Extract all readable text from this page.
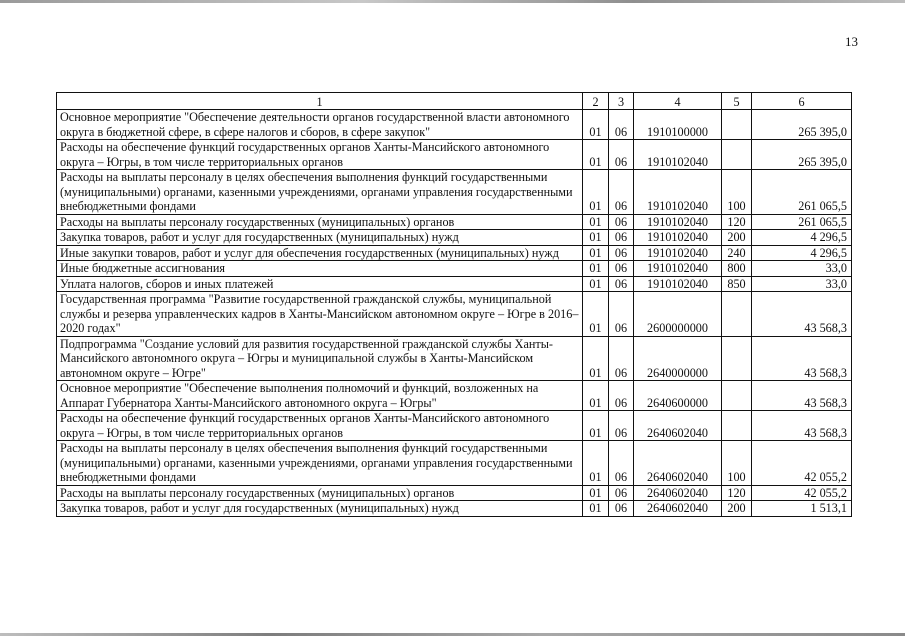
13
1	2	3	4	5	6
Основное мероприятие "Обеспечение деятельности органов государственной власти автономного округа в бюджетной сфере, в сфере налогов и сборов, в сфере закупок"	01	06	1910100000		265 395,0
Расходы на обеспечение функций государственных органов Ханты-Мансийского автономного округа – Югры, в том числе территориальных органов	01	06	1910102040		265 395,0
Расходы на выплаты персоналу в целях обеспечения выполнения функций государственными (муниципальными) органами, казенными учреждениями, органами управления государственными внебюджетными фондами	01	06	1910102040	100	261 065,5
Расходы на выплаты персоналу государственных (муниципальных) органов	01	06	1910102040	120	261 065,5
Закупка товаров, работ и услуг для государственных (муниципальных) нужд	01	06	1910102040	200	4 296,5
Иные закупки товаров, работ и услуг для обеспечения государственных (муниципальных) нужд	01	06	1910102040	240	4 296,5
Иные бюджетные ассигнования	01	06	1910102040	800	33,0
Уплата налогов, сборов и иных платежей	01	06	1910102040	850	33,0
Государственная программа "Развитие государственной гражданской службы, муниципальной службы и резерва управленческих кадров в Ханты-Мансийском автономном округе – Югре в 2016–2020 годах"	01	06	2600000000		43 568,3
Подпрограмма "Создание условий для развития государственной гражданской службы Ханты-Мансийского автономного округа – Югры и муниципальной службы в Ханты-Мансийском автономном округе – Югре"	01	06	2640000000		43 568,3
Основное мероприятие "Обеспечение выполнения полномочий и функций, возложенных на Аппарат Губернатора Ханты-Мансийского автономного округа – Югры"	01	06	2640600000		43 568,3
Расходы на обеспечение функций государственных органов Ханты-Мансийского автономного округа – Югры, в том числе территориальных органов	01	06	2640602040		43 568,3
Расходы на выплаты персоналу в целях обеспечения выполнения функций государственными (муниципальными) органами, казенными учреждениями, органами управления государственными внебюджетными фондами	01	06	2640602040	100	42 055,2
Расходы на выплаты персоналу государственных (муниципальных) органов	01	06	2640602040	120	42 055,2
Закупка товаров, работ и услуг для государственных (муниципальных) нужд	01	06	2640602040	200	1 513,1
